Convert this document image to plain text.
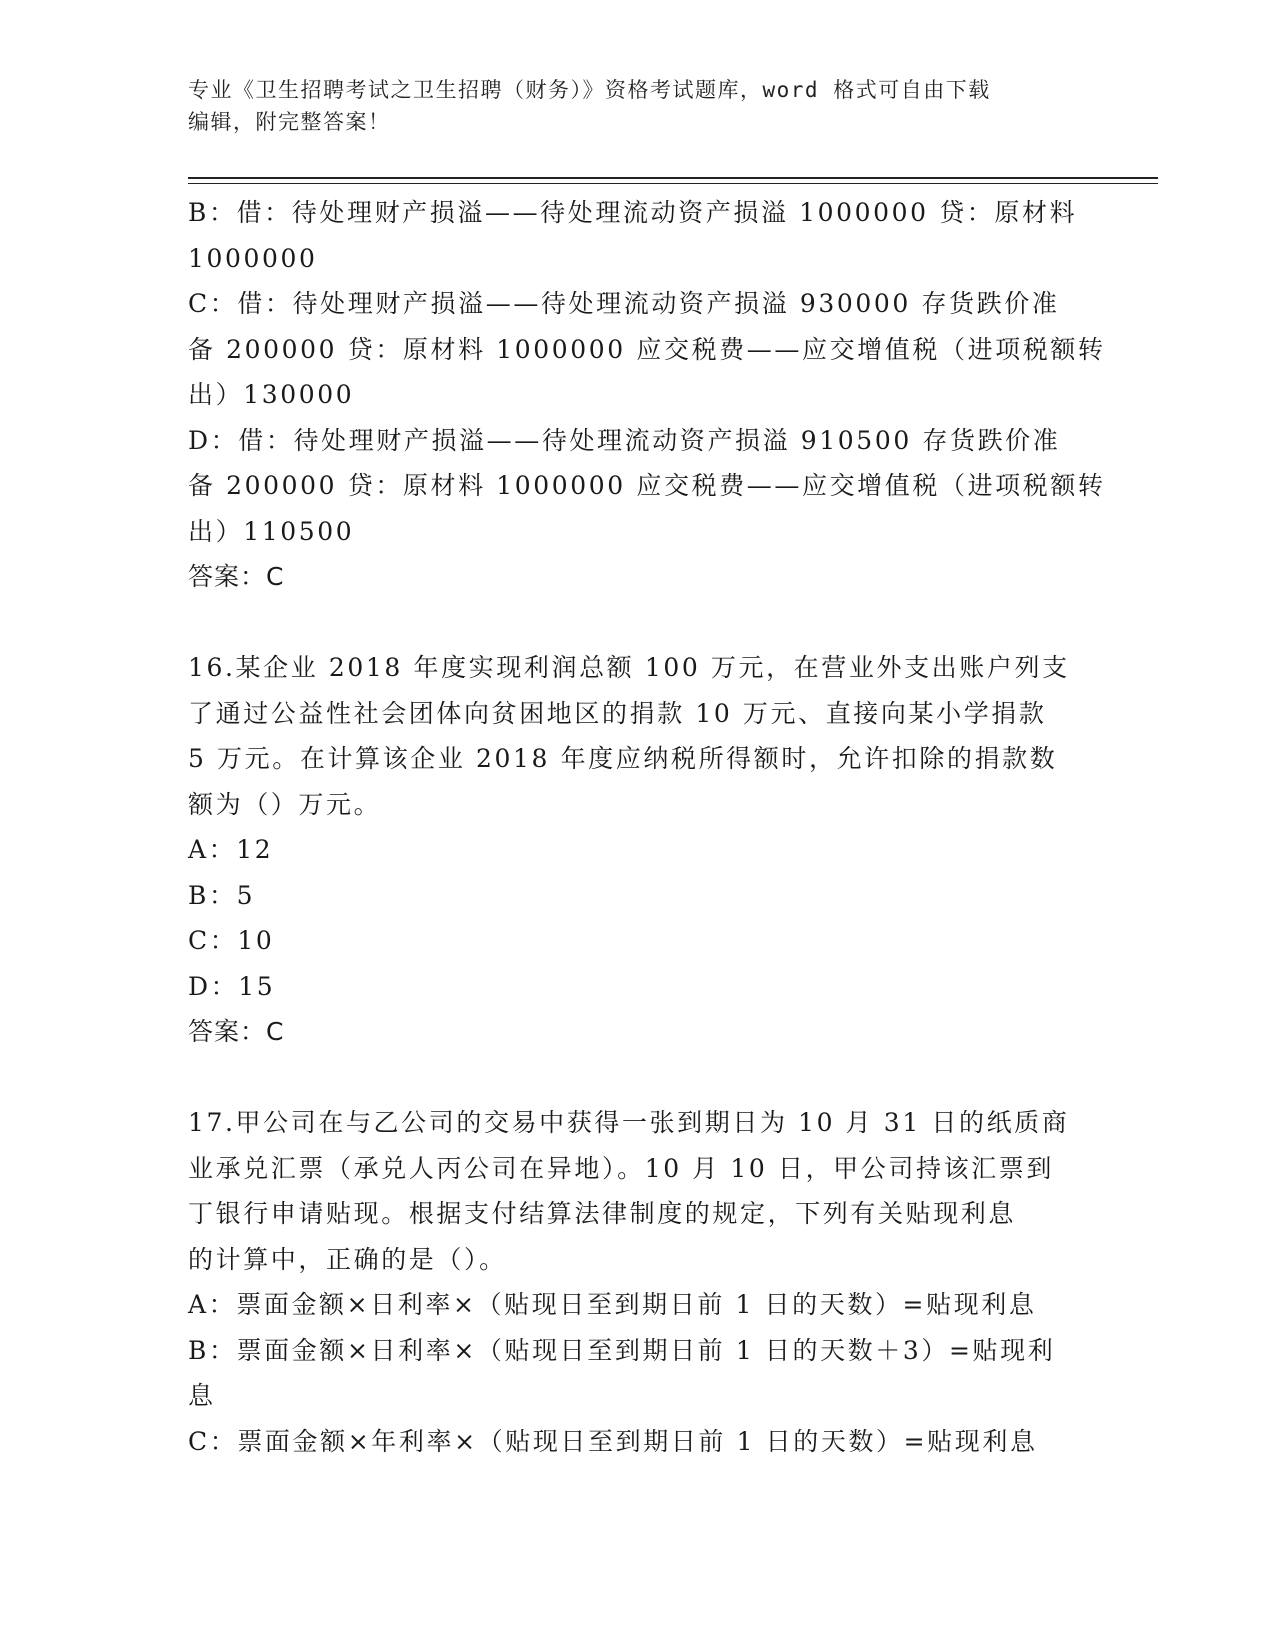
专业《卫生招聘考试之卫生招聘（财务）》资格考试题库，word 格式可自由下载
编辑，附完整答案！
B：借：待处理财产损溢——待处理流动资产损溢 1000000 贷：原材料
1000000
C：借：待处理财产损溢——待处理流动资产损溢 930000 存货跌价准
备 200000 贷：原材料 1000000 应交税费——应交增值税（进项税额转
出）130000
D：借：待处理财产损溢——待处理流动资产损溢 910500 存货跌价准
备 200000 贷：原材料 1000000 应交税费——应交增值税（进项税额转
出）110500
答案：C
16.某企业 2018 年度实现利润总额 100 万元，在营业外支出账户列支
了通过公益性社会团体向贫困地区的捐款 10 万元、直接向某小学捐款
5 万元。在计算该企业 2018 年度应纳税所得额时，允许扣除的捐款数
额为（）万元。
A：12
B：5
C：10
D：15
答案：C
17.甲公司在与乙公司的交易中获得一张到期日为 10 月 31 日的纸质商
业承兑汇票（承兑人丙公司在异地）。10 月 10 日，甲公司持该汇票到
丁银行申请贴现。根据支付结算法律制度的规定，下列有关贴现利息
的计算中，正确的是（）。
A：票面金额×日利率×（贴现日至到期日前 1 日的天数）=贴现利息
B：票面金额×日利率×（贴现日至到期日前 1 日的天数＋3）=贴现利
息
C：票面金额×年利率×（贴现日至到期日前 1 日的天数）=贴现利息
